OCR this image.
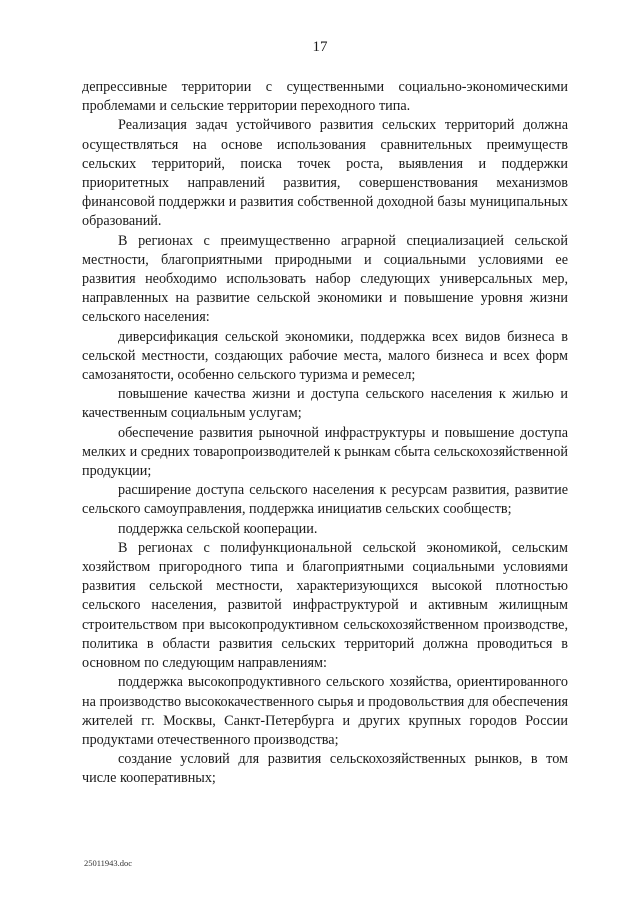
17

депрессивные территории с существенными социально-экономическими проблемами и сельские территории переходного типа.

Реализация задач устойчивого развития сельских территорий должна осуществляться на основе использования сравнительных преимуществ сельских территорий, поиска точек роста, выявления и поддержки приоритетных направлений развития, совершенствования механизмов финансовой поддержки и развития собственной доходной базы муниципальных образований.

В регионах с преимущественно аграрной специализацией сельской местности, благоприятными природными и социальными условиями ее развития необходимо использовать набор следующих универсальных мер, направленных на развитие сельской экономики и повышение уровня жизни сельского населения:

диверсификация сельской экономики, поддержка всех видов бизнеса в сельской местности, создающих рабочие места, малого бизнеса и всех форм самозанятости, особенно сельского туризма и ремесел;

повышение качества жизни и доступа сельского населения к жилью и качественным социальным услугам;

обеспечение развития рыночной инфраструктуры и повышение доступа мелких и средних товаропроизводителей к рынкам сбыта сельскохозяйственной продукции;

расширение доступа сельского населения к ресурсам развития, развитие сельского самоуправления, поддержка инициатив сельских сообществ;

поддержка сельской кооперации.

В регионах с полифункциональной сельской экономикой, сельским хозяйством пригородного типа и благоприятными социальными условиями развития сельской местности, характеризующихся высокой плотностью сельского населения, развитой инфраструктурой и активным жилищным строительством при высокопродуктивном сельскохозяйственном производстве, политика в области развития сельских территорий должна проводиться в основном по следующим направлениям:

поддержка высокопродуктивного сельского хозяйства, ориентированного на производство высококачественного сырья и продовольствия для обеспечения жителей гг. Москвы, Санкт-Петербурга и других крупных городов России продуктами отечественного производства;

создание условий для развития сельскохозяйственных рынков, в том числе кооперативных;

25011943.doc
